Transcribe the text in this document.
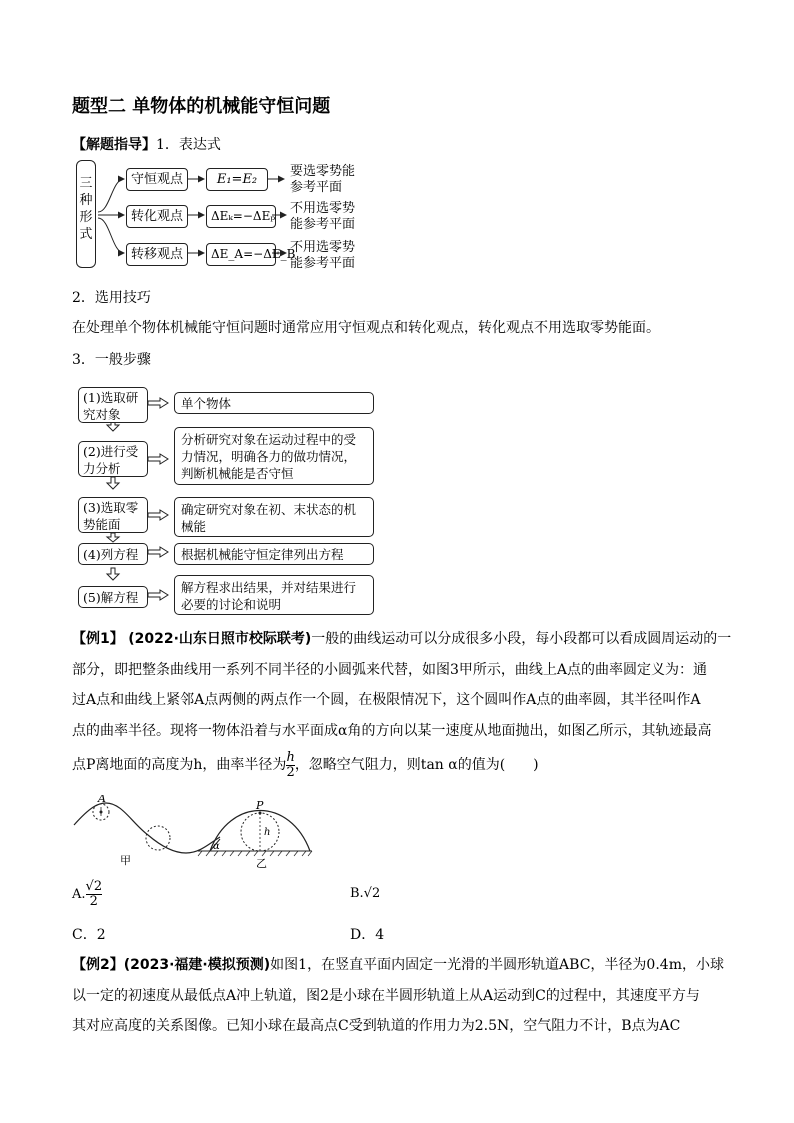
题型二 单物体的机械能守恒问题
【解题指导】1．表达式
三
种
形
式
守恒观点
转化观点
转移观点
E₁=E₂
ΔEₖ=−ΔEₚ
ΔE_A=−ΔE_B
要选零势能
参考平面
不用选零势
能参考平面
不用选零势
能参考平面
2．选用技巧
在处理单个物体机械能守恒问题时通常应用守恒观点和转化观点，转化观点不用选取零势能面。
3．一般步骤
(1)选取研
究对象
单个物体
(2)进行受
力分析
分析研究对象在运动过程中的受
力情况，明确各力的做功情况，
判断机械能是否守恒
(3)选取零
势能面
确定研究对象在初、末状态的机
械能
(4)列方程	根据机械能守恒定律列出方程
(5)解方程
解方程求出结果，并对结果进行
必要的讨论和说明
【例1】 (2022·山东日照市校际联考)一般的曲线运动可以分成很多小段，每小段都可以看成圆周运动的一
部分，即把整条曲线用一系列不同半径的小圆弧来代替，如图3甲所示，曲线上A点的曲率圆定义为：通
过A点和曲线上紧邻A点两侧的两点作一个圆，在极限情况下，这个圆叫作A点的曲率圆，其半径叫作A
点的曲率半径。现将一物体沿着与水平面成α角的方向以某一速度从地面抛出，如图乙所示，其轨迹最高
点P离地面的高度为h，曲率半径为 $\frac{h}{2}$ ，忽略空气阻力，则tan α的值为(　　)
A
甲
P
h
α
乙
A. $\frac{√2}{2}$	B.√2
C．2	D．4
【例2】(2023·福建·模拟预测)如图1，在竖直平面内固定一光滑的半圆形轨道ABC，半径为0.4m，小球
以一定的初速度从最低点A冲上轨道，图2是小球在半圆形轨道上从A运动到C的过程中，其速度平方与
其对应高度的关系图像。已知小球在最高点C受到轨道的作用力为2.5N，空气阻力不计，B点为AC
